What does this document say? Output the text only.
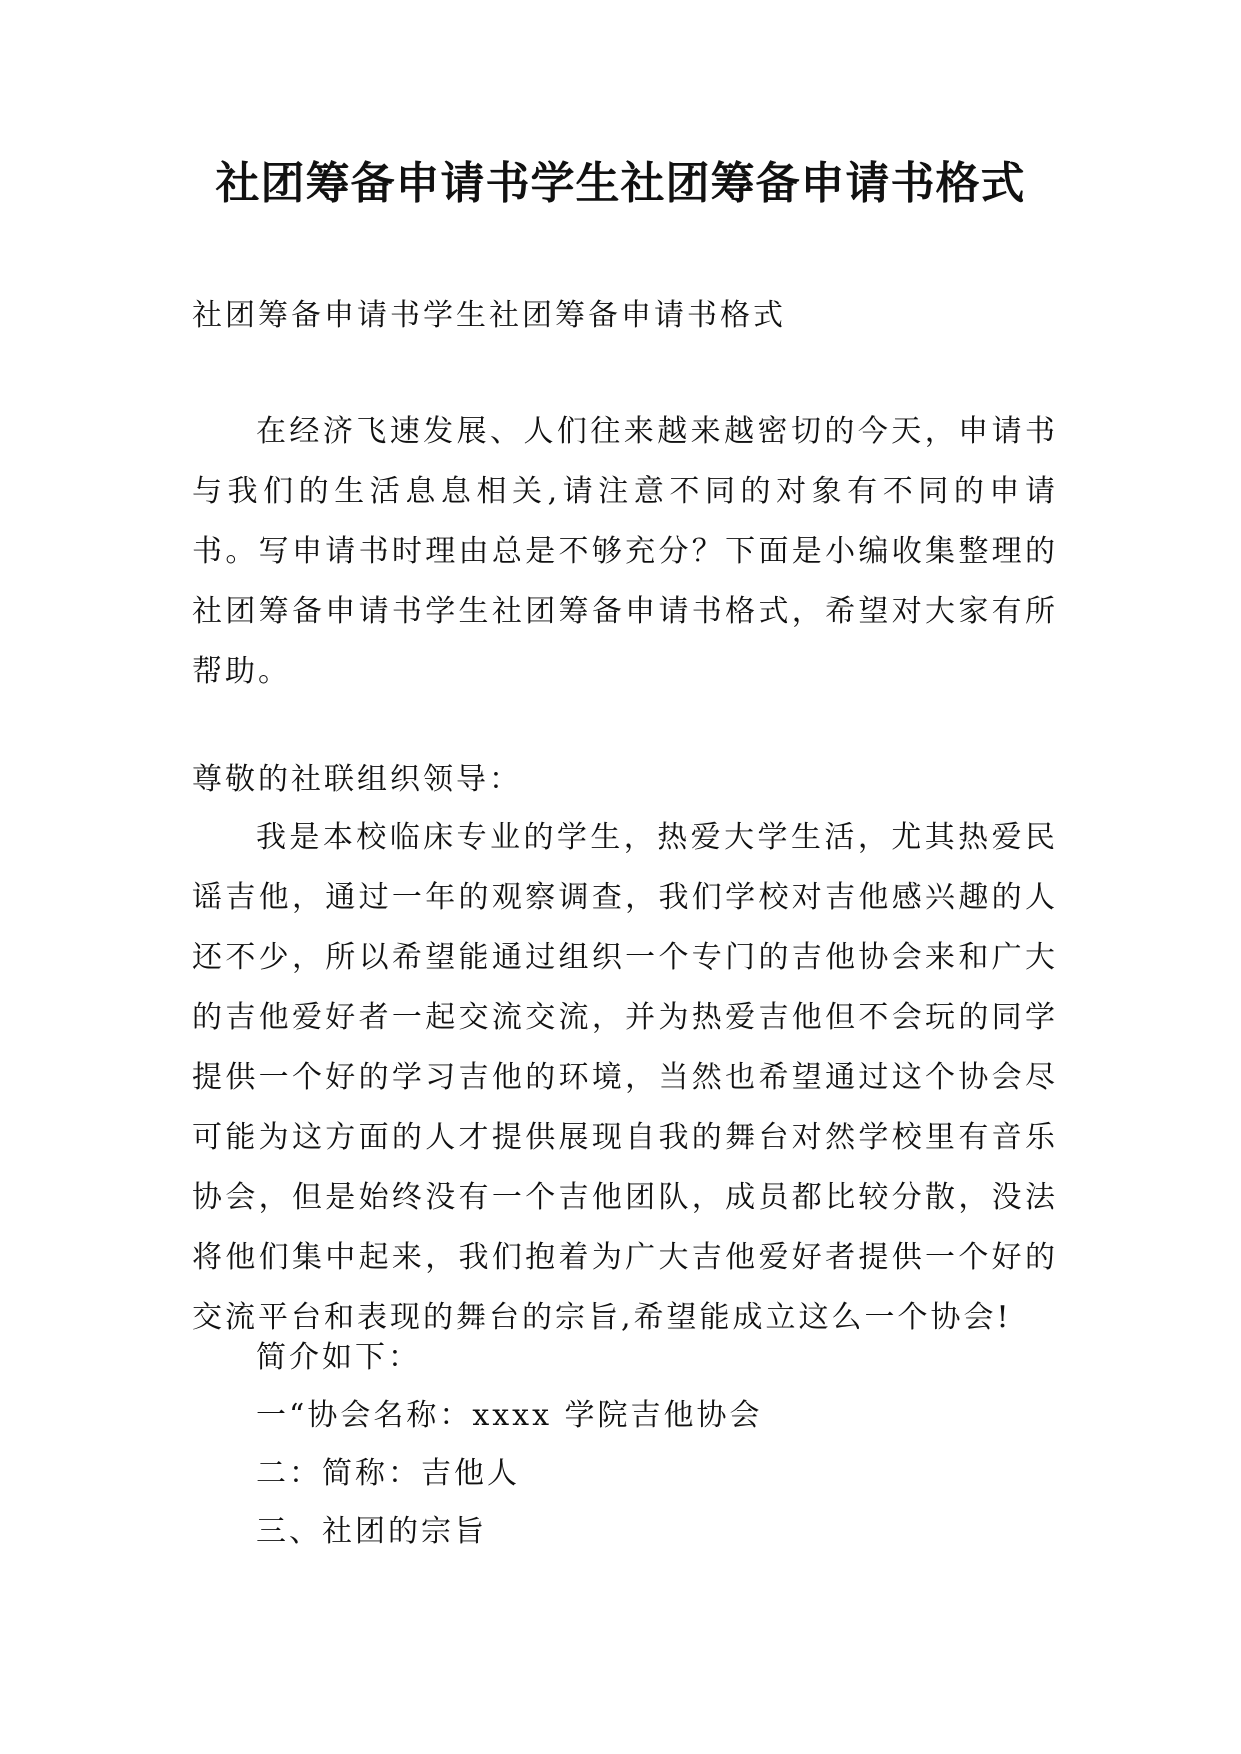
社团筹备申请书学生社团筹备申请书格式

社团筹备申请书学生社团筹备申请书格式

在经济飞速发展、人们往来越来越密切的今天，申请书与我们的生活息息相关,请注意不同的对象有不同的申请书。写申请书时理由总是不够充分？下面是小编收集整理的社团筹备申请书学生社团筹备申请书格式，希望对大家有所帮助。

尊敬的社联组织领导：

我是本校临床专业的学生，热爱大学生活，尤其热爱民谣吉他，通过一年的观察调查，我们学校对吉他感兴趣的人还不少，所以希望能通过组织一个专门的吉他协会来和广大的吉他爱好者一起交流交流，并为热爱吉他但不会玩的同学提供一个好的学习吉他的环境，当然也希望通过这个协会尽可能为这方面的人才提供展现自我的舞台对然学校里有音乐协会，但是始终没有一个吉他团队，成员都比较分散，没法将他们集中起来，我们抱着为广大吉他爱好者提供一个好的交流平台和表现的舞台的宗旨,希望能成立这么一个协会!

简介如下：

一“协会名称：xxxx 学院吉他协会

二：简称：吉他人

三、社团的宗旨
